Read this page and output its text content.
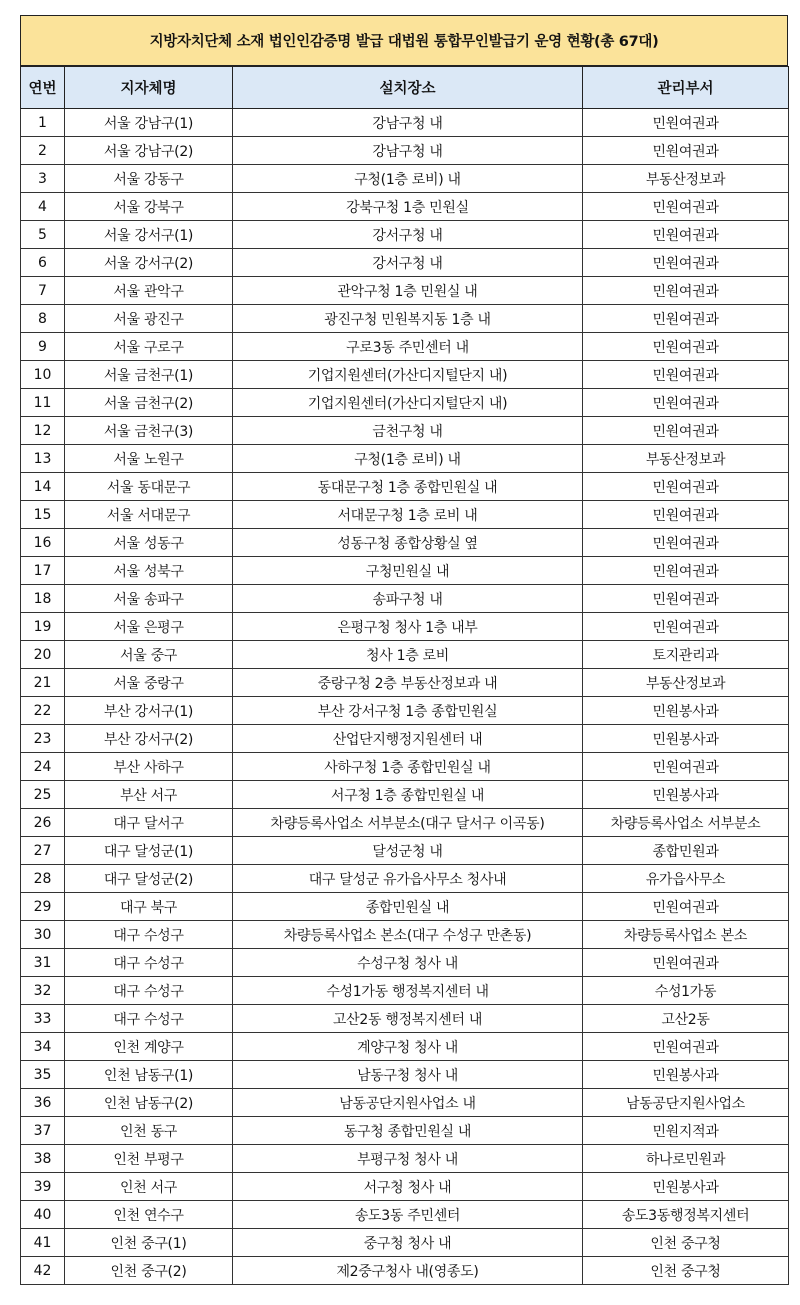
지방자치단체 소재 법인인감증명 발급 대법원 통합무인발급기 운영 현황(총 67대)
연번	지자체명	설치장소	관리부서
1	서울 강남구(1)	강남구청 내	민원여권과
2	서울 강남구(2)	강남구청 내	민원여권과
3	서울 강동구	구청(1층 로비) 내	부동산정보과
4	서울 강북구	강북구청 1층 민원실	민원여권과
5	서울 강서구(1)	강서구청 내	민원여권과
6	서울 강서구(2)	강서구청 내	민원여권과
7	서울 관악구	관악구청 1층 민원실 내	민원여권과
8	서울 광진구	광진구청 민원복지동 1층 내	민원여권과
9	서울 구로구	구로3동 주민센터 내	민원여권과
10	서울 금천구(1)	기업지원센터(가산디지털단지 내)	민원여권과
11	서울 금천구(2)	기업지원센터(가산디지털단지 내)	민원여권과
12	서울 금천구(3)	금천구청 내	민원여권과
13	서울 노원구	구청(1층 로비) 내	부동산정보과
14	서울 동대문구	동대문구청 1층 종합민원실 내	민원여권과
15	서울 서대문구	서대문구청 1층 로비 내	민원여권과
16	서울 성동구	성동구청 종합상황실 옆	민원여권과
17	서울 성북구	구청민원실 내	민원여권과
18	서울 송파구	송파구청 내	민원여권과
19	서울 은평구	은평구청 청사 1층 내부	민원여권과
20	서울 중구	청사 1층 로비	토지관리과
21	서울 중랑구	중랑구청 2층 부동산정보과 내	부동산정보과
22	부산 강서구(1)	부산 강서구청 1층 종합민원실	민원봉사과
23	부산 강서구(2)	산업단지행정지원센터 내	민원봉사과
24	부산 사하구	사하구청 1층 종합민원실 내	민원여권과
25	부산 서구	서구청 1층 종합민원실 내	민원봉사과
26	대구 달서구	차량등록사업소 서부분소(대구 달서구 이곡동)	차량등록사업소 서부분소
27	대구 달성군(1)	달성군청 내	종합민원과
28	대구 달성군(2)	대구 달성군 유가읍사무소 청사내	유가읍사무소
29	대구 북구	종합민원실 내	민원여권과
30	대구 수성구	차량등록사업소 본소(대구 수성구 만촌동)	차량등록사업소 본소
31	대구 수성구	수성구청 청사 내	민원여권과
32	대구 수성구	수성1가동 행정복지센터 내	수성1가동
33	대구 수성구	고산2동 행정복지센터 내	고산2동
34	인천 계양구	계양구청 청사 내	민원여권과
35	인천 남동구(1)	남동구청 청사 내	민원봉사과
36	인천 남동구(2)	남동공단지원사업소 내	남동공단지원사업소
37	인천 동구	동구청 종합민원실 내	민원지적과
38	인천 부평구	부평구청 청사 내	하나로민원과
39	인천 서구	서구청 청사 내	민원봉사과
40	인천 연수구	송도3동 주민센터	송도3동행정복지센터
41	인천 중구(1)	중구청 청사 내	인천 중구청
42	인천 중구(2)	제2중구청사 내(영종도)	인천 중구청
